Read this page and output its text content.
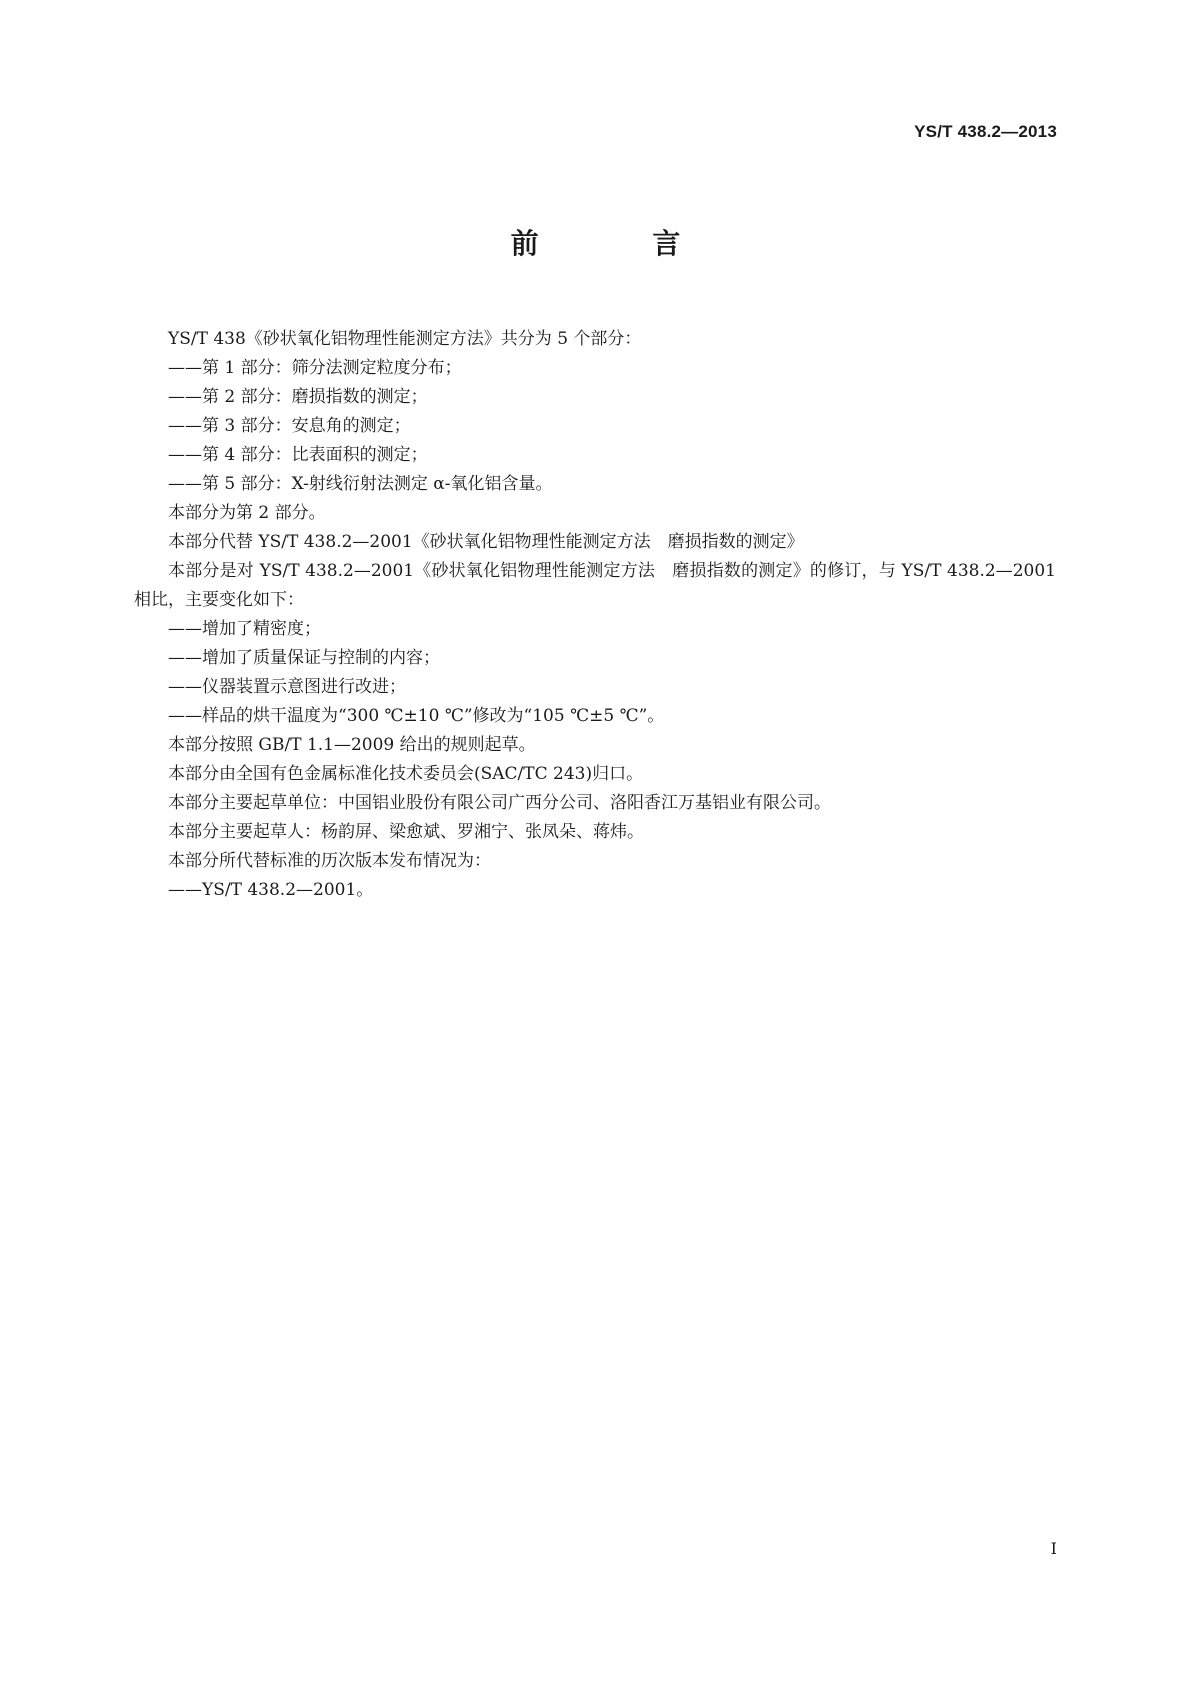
YS/T 438.2—2013
前 言

YS/T 438《砂状氧化铝物理性能测定方法》共分为 5 个部分：

——第 1 部分：筛分法测定粒度分布；

——第 2 部分：磨损指数的测定；

——第 3 部分：安息角的测定；

——第 4 部分：比表面积的测定；

——第 5 部分：X-射线衍射法测定 α-氧化铝含量。

本部分为第 2 部分。

本部分代替 YS/T 438.2—2001《砂状氧化铝物理性能测定方法　磨损指数的测定》

本部分是对 YS/T 438.2—2001《砂状氧化铝物理性能测定方法　磨损指数的测定》的修订，与 YS/T 438.2—2001 相比，主要变化如下：

——增加了精密度；

——增加了质量保证与控制的内容；

——仪器装置示意图进行改进；

——样品的烘干温度为“300 ℃±10 ℃”修改为“105 ℃±5 ℃”。

本部分按照 GB/T 1.1—2009 给出的规则起草。

本部分由全国有色金属标准化技术委员会(SAC/TC 243)归口。

本部分主要起草单位：中国铝业股份有限公司广西分公司、洛阳香江万基铝业有限公司。

本部分主要起草人：杨韵屏、梁愈斌、罗湘宁、张凤朵、蒋炜。

本部分所代替标准的历次版本发布情况为：

——YS/T 438.2—2001。

I
